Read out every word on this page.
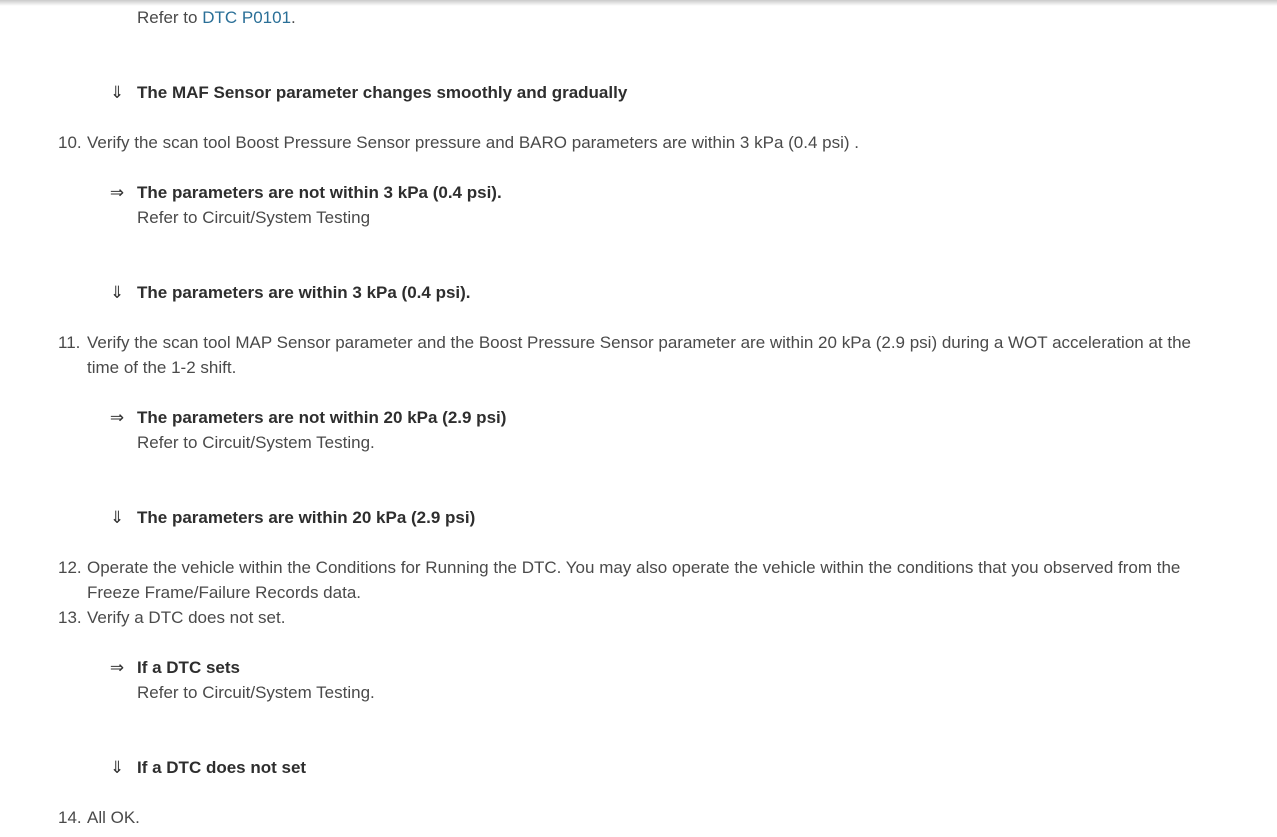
Refer to DTC P0101.
⇓ The MAF Sensor parameter changes smoothly and gradually
10. Verify the scan tool Boost Pressure Sensor pressure and BARO parameters are within 3 kPa (0.4 psi) .
⇒ The parameters are not within 3 kPa (0.4 psi).
Refer to Circuit/System Testing
⇓ The parameters are within 3 kPa (0.4 psi).
11. Verify the scan tool MAP Sensor parameter and the Boost Pressure Sensor parameter are within 20 kPa (2.9 psi) during a WOT acceleration at the
time of the 1-2 shift.
⇒ The parameters are not within 20 kPa (2.9 psi)
Refer to Circuit/System Testing.
⇓ The parameters are within 20 kPa (2.9 psi)
12. Operate the vehicle within the Conditions for Running the DTC. You may also operate the vehicle within the conditions that you observed from the
Freeze Frame/Failure Records data.
13. Verify a DTC does not set.
⇒ If a DTC sets
Refer to Circuit/System Testing.
⇓ If a DTC does not set
14. All OK.
